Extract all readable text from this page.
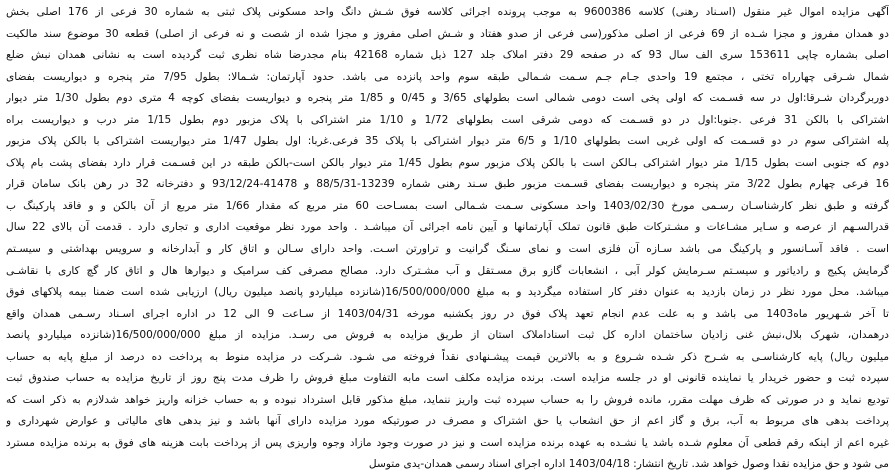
آگهی مزایده اموال غیر منقول (اسـناد رهنی) کلاسه 9600386 به موجب پرونده اجرائی کلاسه فوق شـش دانگ واحد مسکونی پلاک ثبتی به شماره 30 فرعی از 176 اصلی بخش
دو همدان مفروز و مجزا شـده از 69 فرعی از اصلی مذکور(سی فرعی از صدو هفتاد و شـش اصلی مفروز و مجزا شده از شصت و نه فرعی از اصلی) قطعه 30 موضوع سند مالکیت
اصلی بشماره چاپی 153611 سری الف سال 93 که در صفحه 29 دفتر املاک جلد 127 ذیل شماره 42168 بنام مجدرضا شاه نظری ثبت گردیده است به نشانی همدان نبش ضلع
شمال شـرقی چهارراه تختی ، مجتمع 19 واحدی جـام جـم سـمت شـمالی طبقه سوم واحد پانزده می باشد. حدود آپارتمان: شـمالا: بطول 7/95 متر پنجره و دیواریست بفضای
دوربرگردان شـرقا:اول در سه قسـمت که اولی پخی است دومی شمالی است بطولهای 3/65 و 0/45 و 1/85 متر پنجره و دیواریست بفضای کوچه 4 متری دوم بطول 1/30 متر دیوار
اشتراکی با بالکن 31 فرعی .جنوبا:اول در دو قسـمت که دومی شرقی است بطولهای 1/72 و 1/10 متر اشتراکی با پلاک مزبور دوم بطول 1/15 متر درب و دیواریست براه
پله اشتراکی سوم در دو قسـمت که اولی غربی است بطولهای 1/10 و 6/5 متر دیوار اشتراکی با پلاک 35 فرعی.غربا: اول بطول 1/47 متر دیواریست اشتراکی با بالکن پلاک مزبور
دوم که جنوبی است بطول 1/15 متر دیوار اشتراکی بـالکن است با بالکن پلاک مزبور سوم بطول 1/45 متر دیوار بالکن است-بالکن طبقه در این قسـمت قرار دارد بفضای پشت بام پلاک
16 فرعی چهارم بطول 3/22 متر پنجره و دیواریست بفضای قسـمت مزبور طبق سـند رهنی شماره 13239-88/5/31 و 41478-93/12/24 و دفترخانه 32 در رهن بانک سامان قرار
گرفته و طبق نظر کارشناسـان رسـمی مورخ 1403/02/30 واحد مسکونی سـمت شـمالی است بمسـاحت 60 متر مربع که مقدار 1/66 متر مربع از آن بالکن و و فاقد پارکینگ ب
قدرالسـهم از عرصه و سـایر مشـاعات و مشـترکات طبق قانون تملک آپارتمانها و آیین نامه اجرائی آن میباشـد . واحد مورد نظر موقعیت اداری و تجاری دارد . قدمت آن بالای 22 سال
است . فاقد آسـانسور و پارکینگ می باشد سـازه آن فلزی است و نمای سـنگ گرانیت و تراورتن اسـت. واحد دارای سـالن و اتاق کار و آبدارخانه و سرویس بهداشتی و سیسـتم
گرمایش پکیج و رادیاتور و سیسـتم سـرمایش کولر آبی ، انشعابات گازو برق مسـتقل و آب مشـترک دارد. مصالح مصرفی کف سرامیک و دیوارها هال و اتاق کار گچ کاری با نقاشـی
میباشد. محل مورد نظر در زمان بازدید به عنوان دفتر کار استفاده میگردید و به مبلغ 16/500/000/000(شانزده میلیاردو پانصد میلیون ریال) ارزیابی شده است ضمنا بیمه پلاکهای فوق
تا آخر شـهریور ماه1403 می باشد و به علت عدم انجام تعهد پلاک فوق در روز یکشنبه مورخه 1403/04/31 از سـاعت 9 الی 12 در اداره اجرای اسـناد رسـمی همدان واقع
درهمدان، شهرک بلال،نبش غنی زادیان ساختمان اداره کل ثبت اسناداملاک استان از طریق مزایده به فروش می رسـد. مزایده از مبلغ 16/500/000/000(شانزده میلیاردو پانصد
میلیون ریال) پایه کارشناسـی به شـرح ذکر شـده شـروع و به بالاترین قیمت پیشـنهادی نقداً فروخته می شـود. شـرکت در مزایده منوط به پرداخت ده درصد از مبلغ پایه به حساب
سپرده ثبت و حضور خریدار یا نماینده قانونی او در جلسه مزایده است. برنده مزایده مکلف است مابه التفاوت مبلغ فروش را ظرف مدت پنج روز از تاریخ مزایده به حساب صندوق ثبت
تودیع نماید و در صورتی که ظرف مهلت مقرر، مانده فروش را به حساب سپرده ثبت واریز ننماید، مبلغ مذکور قابل استرداد نبوده و به حساب خزانه واریز خواهد شدلازم به ذکر است که
پرداخت بدهی های مربوط به آب، برق و گاز اعم از حق انشعاب یا حق اشتراک و مصرف در صورتیکه مورد مزایده دارای آنها باشد و نیز بدهی های مالیاتی و عوارض شهرداری و
غیره اعم از اینکه رقم قطعی آن معلوم شـده باشد یا نشـده به عهده برنده مزایده است و نیز در صورت وجود مازاد وجوه واریزی پس از پرداخت بابت هزینه های فوق به برنده مزایده مسترد
می شود و حق مزایده نقدا وصول خواهد شد. تاریخ انتشار: 1403/04/18 اداره اجرای اسناد رسمی همدان-یدی متوسل
